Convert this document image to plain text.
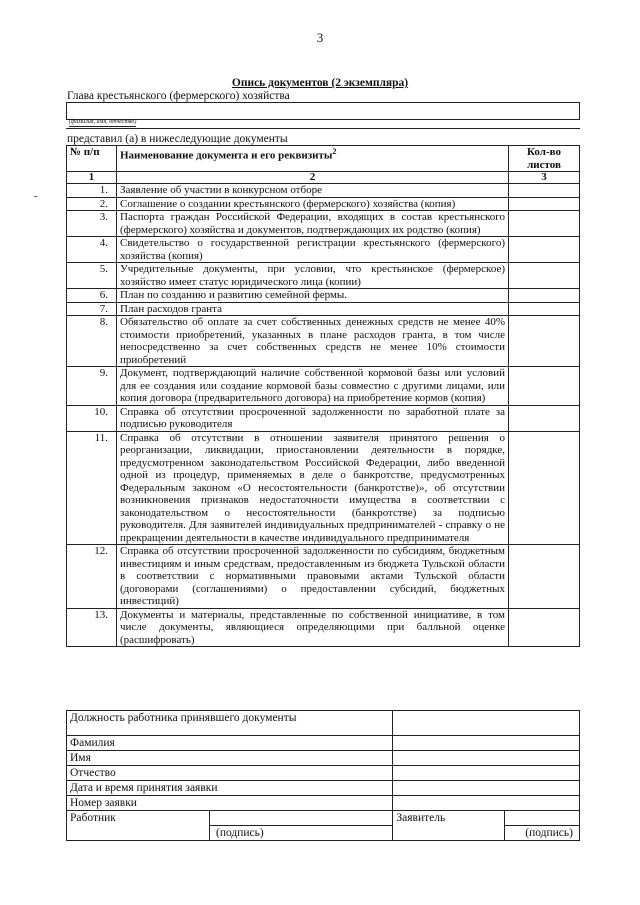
3
Опись документов (2 экземпляра)
Глава крестьянского (фермерского) хозяйства
(фамилия, имя, отчество)
представил (а) в нижеследующие документы
-
№ п/п	Наименование документа и его реквизиты$^2$	Кол-во листов
1	2	3
1.	Заявление об участии в конкурсном отборе	
2.	Соглашение о создании крестьянского (фермерского) хозяйства (копия)	
3.	Паспорта граждан Российской Федерации, входящих в состав крестьянского (фермерского) хозяйства и документов, подтверждающих их родство (копия)	
4.	Свидетельство о государственной регистрации крестьянского (фермерского) хозяйства (копия)	
5.	Учредительные документы, при условии, что крестьянское (фермерское) хозяйство имеет статус юридического лица (копии)	
6.	План по созданию и развитию семейной фермы.	
7.	План расходов гранта	
8.	Обязательство об оплате за счет собственных денежных средств не менее 40% стоимости приобретений, указанных в плане расходов гранта, в том числе непосредственно за счет собственных средств не менее 10% стоимости приобретений	
9.	Документ, подтверждающий наличие собственной кормовой базы или условий для ее создания или создание кормовой базы совместно с другими лицами, или копия договора (предварительного договора) на приобретение кормов (копия)	
10.	Справка об отсутствии просроченной задолженности по заработной плате за подписью руководителя	
11.	Справка об отсутствии в отношении заявителя принятого решения о реорганизации, ликвидации, приостановлении деятельности в порядке, предусмотренном законодательством Российской Федерации, либо введенной одной из процедур, применяемых в деле о банкротстве, предусмотренных Федеральным законом «О несостоятельности (банкротстве)», об отсутствии возникновения признаков недостаточности имущества в соответствии с законодательством о несостоятельности (банкротстве) за подписью руководителя. Для заявителей индивидуальных предпринимателей - справку о не прекращении деятельности в качестве индивидуального предпринимателя	
12.	Справка об отсутствии просроченной задолженности по субсидиям, бюджетным инвестициям и иным средствам, предоставленным из бюджета Тульской области в соответствии с нормативными правовыми актами Тульской области (договорами (соглашениями) о предоставлении субсидий, бюджетных инвестиций)	
13.	Документы и материалы, представленные по собственной инициативе, в том числе документы, являющиеся определяющими при балльной оценке (расшифровать)	
Должность работника принявшего документы			
Фамилия			
Имя			
Отчество			
Дата и время принятия заявки			
Номер заявки			
Работник		Заявитель	
	(подпись)		(подпись)
